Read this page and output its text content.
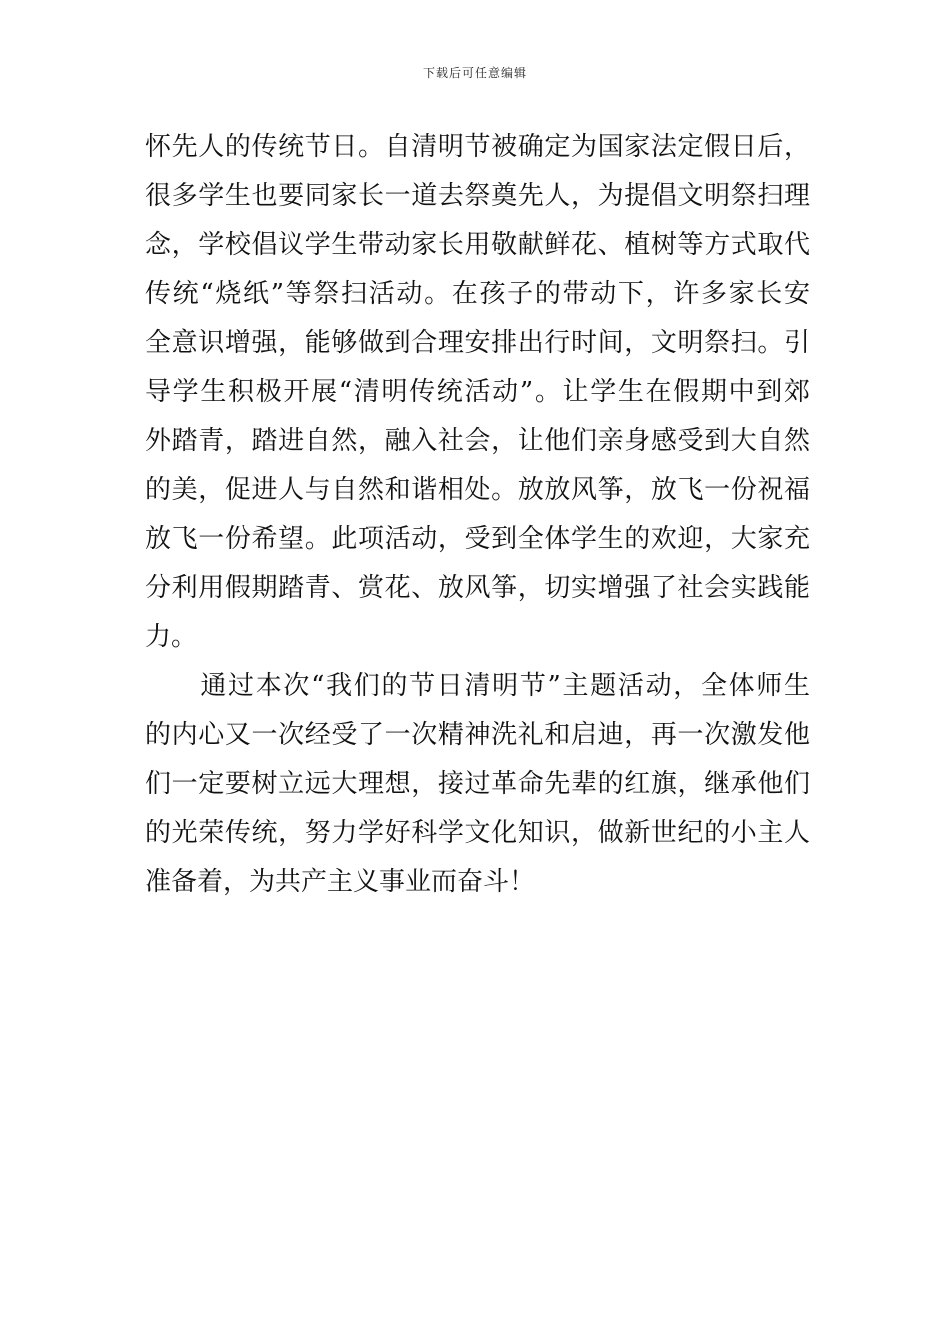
下载后可任意编辑
怀先人的传统节日。自清明节被确定为国家法定假日后，
很多学生也要同家长一道去祭奠先人，为提倡文明祭扫理
念，学校倡议学生带动家长用敬献鲜花、植树等方式取代
传统“烧纸”等祭扫活动。在孩子的带动下，许多家长安
全意识增强，能够做到合理安排出行时间，文明祭扫。引
导学生积极开展“清明传统活动”。让学生在假期中到郊
外踏青，踏进自然，融入社会，让他们亲身感受到大自然
的美，促进人与自然和谐相处。放放风筝，放飞一份祝福
放飞一份希望。此项活动，受到全体学生的欢迎，大家充
分利用假期踏青、赏花、放风筝，切实增强了社会实践能
力。
　　通过本次“我们的节日清明节”主题活动，全体师生
的内心又一次经受了一次精神洗礼和启迪，再一次激发他
们一定要树立远大理想，接过革命先辈的红旗，继承他们
的光荣传统，努力学好科学文化知识，做新世纪的小主人
准备着，为共产主义事业而奋斗！
